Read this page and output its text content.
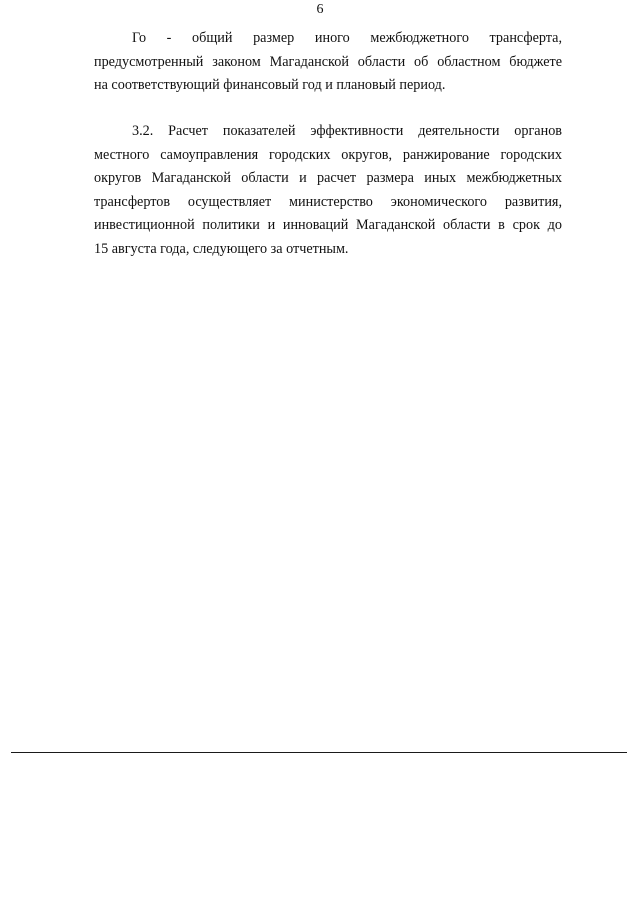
6
Го - общий размер иного межбюджетного трансферта,
предусмотренный законом Магаданской области об областном бюджете
на соответствующий финансовый год и плановый период.
3.2. Расчет показателей эффективности деятельности органов
местного самоуправления городских округов, ранжирование городских
округов Магаданской области и расчет размера иных межбюджетных
трансфертов осуществляет министерство экономического развития,
инвестиционной политики и инноваций Магаданской области в срок до
15 августа года, следующего за отчетным.
